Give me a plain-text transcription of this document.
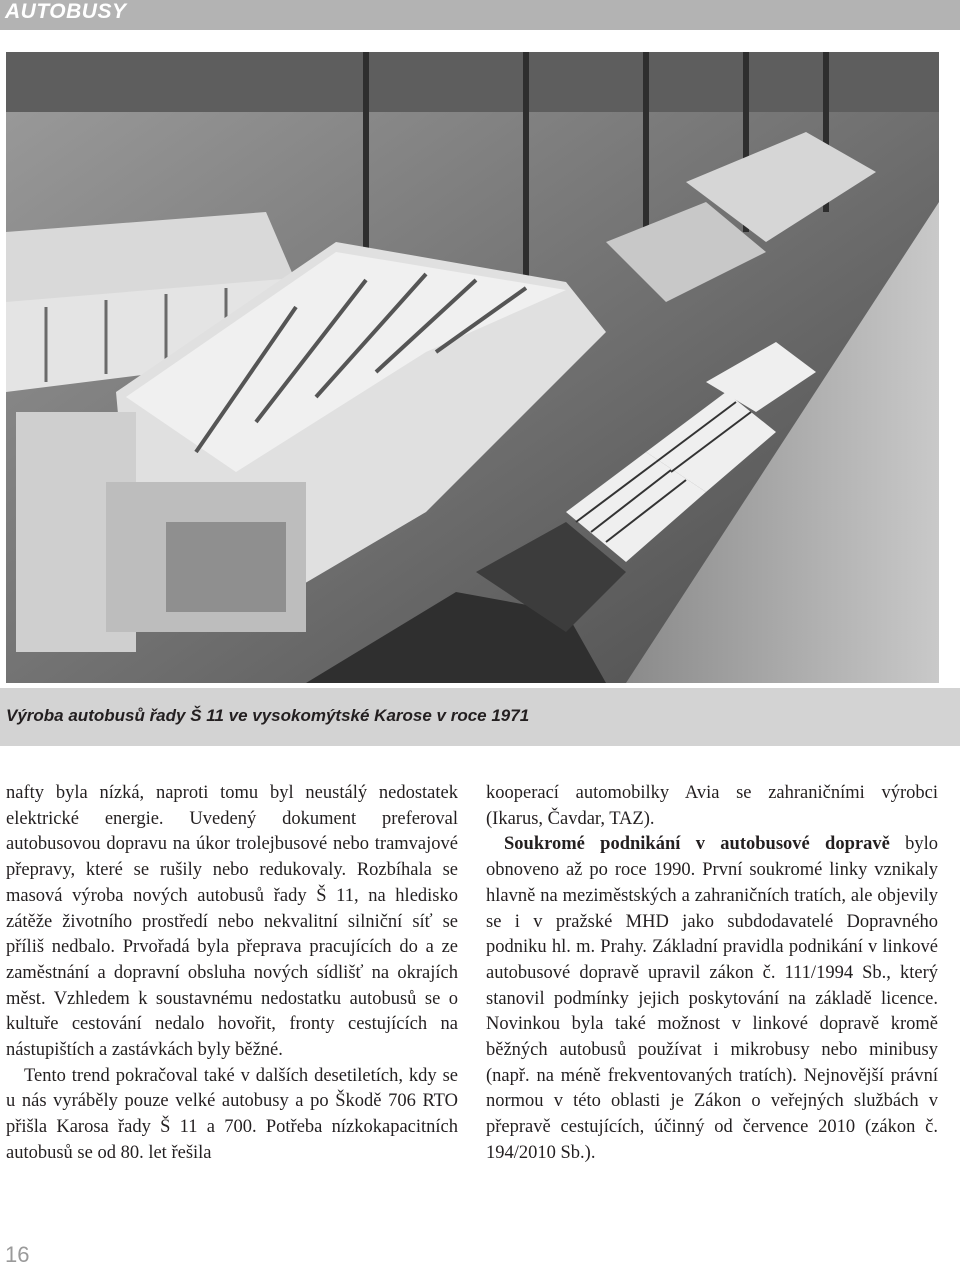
AUTOBUSY
Výroba autobusů řady Š 11 ve vysokomýtské Karose v roce 1971

nafty byla nízká, naproti tomu byl neustálý nedostatek elektrické energie. Uvedený dokument preferoval autobusovou dopravu na úkor trolejbusové nebo tramvajové přepravy, které se rušily nebo redukovaly. Rozbíhala se masová výroba nových autobusů řady Š 11, na hledisko zátěže životního prostředí nebo nekvalitní silniční síť se příliš nedbalo. Prvořadá byla přeprava pracujících do a ze zaměstnání a dopravní obsluha nových sídlišť na okrajích měst. Vzhledem k soustavnému nedostatku autobusů se o kultuře cestování nedalo hovořit, fronty cestujících na nástupištích a zastávkách byly běžné.

Tento trend pokračoval také v dalších desetiletích, kdy se u nás vyráběly pouze velké autobusy a po Škodě 706 RTO přišla Karosa řady Š 11 a 700. Potřeba nízkokapacitních autobusů se od 80. let řešila

kooperací automobilky Avia se zahraničními výrobci (Ikarus, Čavdar, TAZ).

Soukromé podnikání v autobusové dopravě bylo obnoveno až po roce 1990. První soukromé linky vznikaly hlavně na meziměstských a zahraničních tratích, ale objevily se i v pražské MHD jako subdodavatelé Dopravného podniku hl. m. Prahy. Základní pravidla podnikání v linkové autobusové dopravě upravil zákon č. 111/1994 Sb., který stanovil podmínky jejich poskytování na základě licence. Novinkou byla také možnost v linkové dopravě kromě běžných autobusů používat i mikrobusy nebo minibusy (např. na méně frekventovaných tratích). Nejnovější právní normou v této oblasti je Zákon o veřejných službách v přepravě cestujících, účinný od července 2010 (zákon č. 194/2010 Sb.).

16
